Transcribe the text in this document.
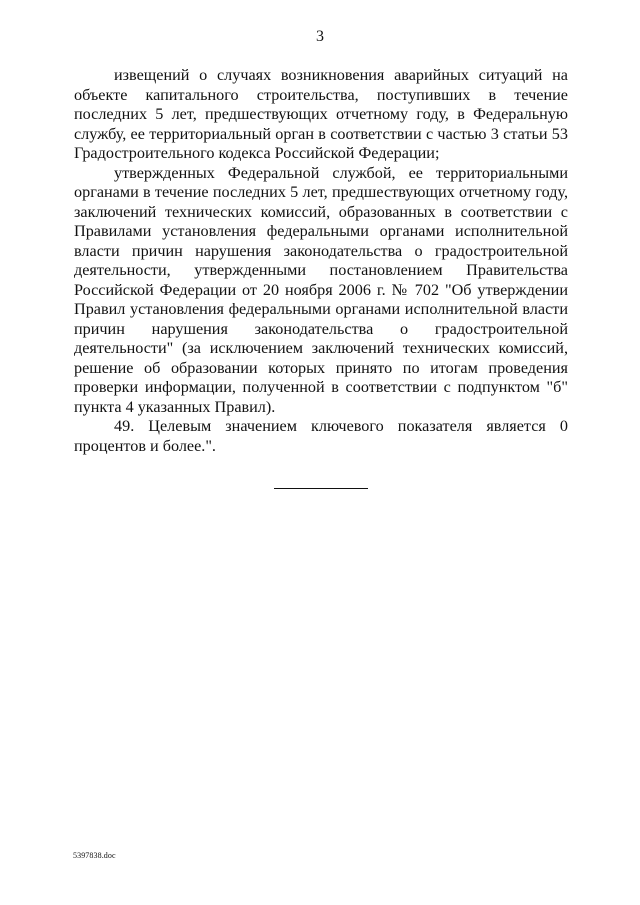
3

извещений о случаях возникновения аварийных ситуаций на объекте капитального строительства, поступивших в течение последних 5 лет, предшествующих отчетному году, в Федеральную службу, ее территориальный орган в соответствии с частью 3 статьи 53 Градостроительного кодекса Российской Федерации;

утвержденных Федеральной службой, ее территориальными органами в течение последних 5 лет, предшествующих отчетному году, заключений технических комиссий, образованных в соответствии с Правилами установления федеральными органами исполнительной власти причин нарушения законодательства о градостроительной деятельности, утвержденными постановлением Правительства Российской Федерации от 20 ноября 2006 г. № 702 "Об утверждении Правил установления федеральными органами исполнительной власти причин нарушения законодательства о градостроительной деятельности" (за исключением заключений технических комиссий, решение об образовании которых принято по итогам проведения проверки информации, полученной в соответствии с подпунктом "б" пункта 4 указанных Правил).

49. Целевым значением ключевого показателя является 0 процентов и более.".

5397838.doc
